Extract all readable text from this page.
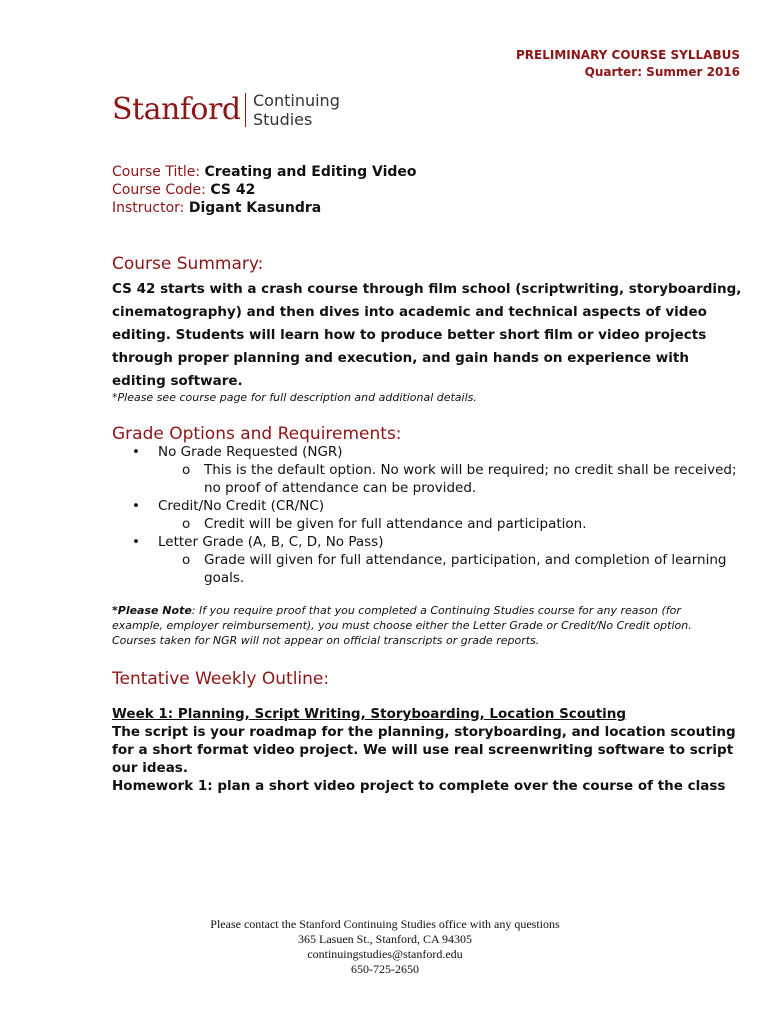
PRELIMINARY COURSE SYLLABUS
Quarter: Summer 2016
Stanford Continuing
Studies
Course Title: Creating and Editing Video
Course Code: CS 42
Instructor: Digant Kasundra
Course Summary:
CS 42 starts with a crash course through film school (scriptwriting, storyboarding, cinematography) and then dives into academic and technical aspects of video editing. Students will learn how to produce better short film or video projects through proper planning and execution, and gain hands on experience with editing software.
*Please see course page for full description and additional details.
Grade Options and Requirements:
• No Grade Requested (NGR)
o This is the default option. No work will be required; no credit shall be received; no proof of attendance can be provided.
• Credit/No Credit (CR/NC)
o Credit will be given for full attendance and participation.
• Letter Grade (A, B, C, D, No Pass)
o Grade will given for full attendance, participation, and completion of learning goals.
*Please Note: If you require proof that you completed a Continuing Studies course for any reason (for example, employer reimbursement), you must choose either the Letter Grade or Credit/No Credit option. Courses taken for NGR will not appear on official transcripts or grade reports.
Tentative Weekly Outline:
Week 1: Planning, Script Writing, Storyboarding, Location Scouting
The script is your roadmap for the planning, storyboarding, and location scouting for a short format video project. We will use real screenwriting software to script our ideas.
Homework 1: plan a short video project to complete over the course of the class
Please contact the Stanford Continuing Studies office with any questions
365 Lasuen St., Stanford, CA 94305
continuingstudies@stanford.edu
650-725-2650
